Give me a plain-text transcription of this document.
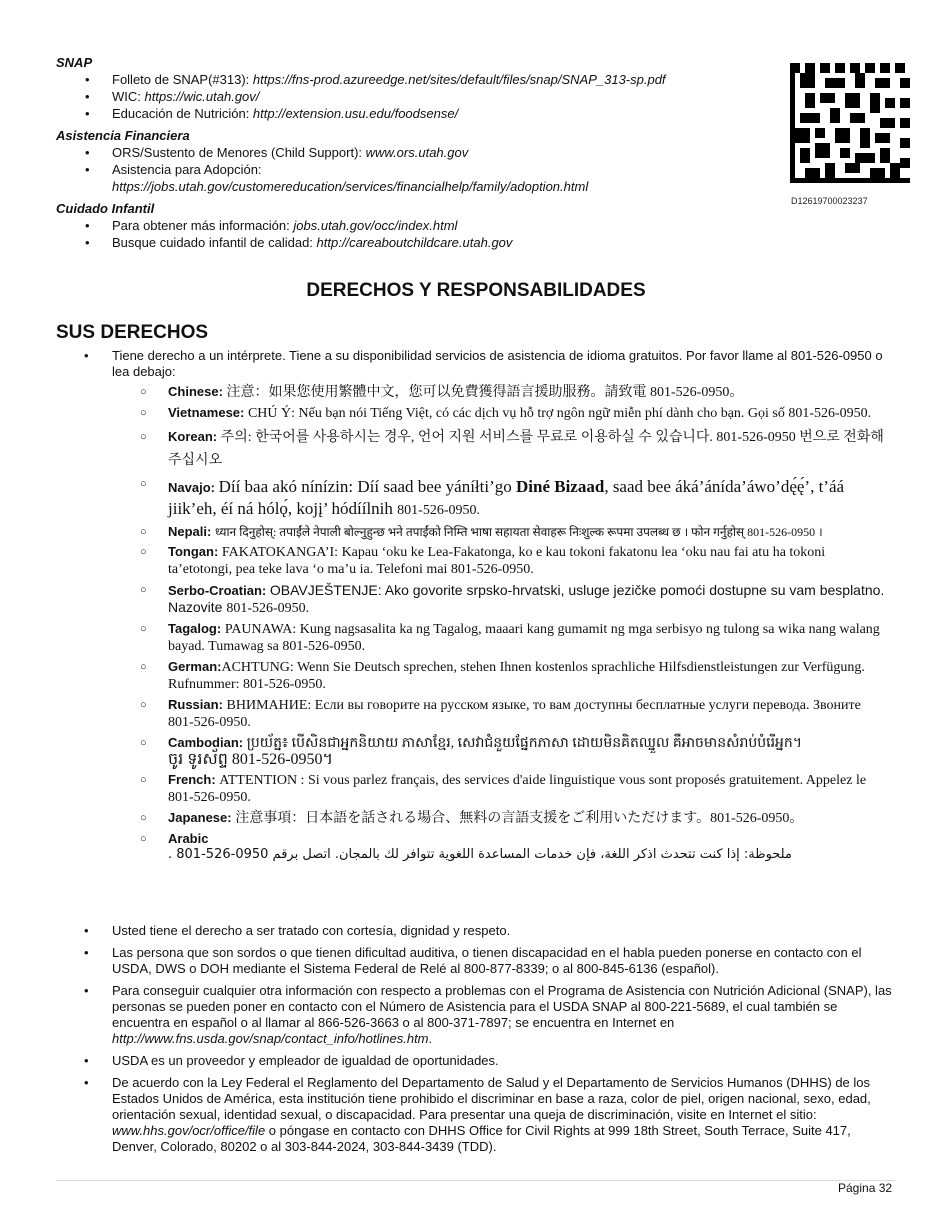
SNAP

• Folleto de SNAP(#313): https://fns-prod.azureedge.net/sites/default/files/snap/SNAP_313-sp.pdf
• WIC: https://wic.utah.gov/
• Educación de Nutrición: http://extension.usu.edu/foodsense/

Asistencia Financiera

• ORS/Sustento de Menores (Child Support): www.ors.utah.gov
• Asistencia para Adopción:
https://jobs.utah.gov/customereducation/services/financialhelp/family/adoption.html

Cuidado Infantil

• Para obtener más información: jobs.utah.gov/occ/index.html
• Busque cuidado infantil de calidad: http://careaboutchildcare.utah.gov
D12619700023237
DERECHOS Y RESPONSABILIDADES
SUS DERECHOS
• Tiene derecho a un intérprete. Tiene a su disponibilidad servicios de asistencia de idioma gratuitos. Por favor llame al 801-526-0950 o lea debajo:
○ Chinese: 注意：如果您使用繁體中文，您可以免費獲得語言援助服務。請致電 801-526-0950。
○ Vietnamese: CHÚ Ý: Nếu bạn nói Tiếng Việt, có các dịch vụ hỗ trợ ngôn ngữ miễn phí dành cho bạn. Gọi số 801-526-0950.
○ Korean: 주의: 한국어를 사용하시는 경우, 언어 지원 서비스를 무료로 이용하실 수 있습니다. 801-526-0950 번으로 전화해 주십시오
○ Navajo: Díí baa akó nínízin: Díí saad bee yáníłti’go Diné Bizaad, saad bee áká’ánída’áwo’dę́ę́’, t’áá jiik’eh, éí ná hólǫ́, kojį’ hódíílnih 801-526-0950.
○ Nepali: ध्यान दिनुहोस्: तपाईंले नेपाली बोल्नुहुन्छ भने तपाईंको निम्ति भाषा सहायता सेवाहरू निःशुल्क रूपमा उपलब्ध छ । फोन गर्नुहोस् 801-526-0950 ।
○ Tongan: FAKATOKANGA’I: Kapau ‘oku ke Lea-Fakatonga, ko e kau tokoni fakatonu lea ‘oku nau fai atu ha tokoni ta’etotongi, pea teke lava ‘o ma’u ia. Telefoni mai 801-526-0950.
○ Serbo-Croatian: OBAVJEŠTENJE: Ako govorite srpsko-hrvatski, usluge jezičke pomoći dostupne su vam besplatno. Nazovite 801-526-0950.
○ Tagalog: PAUNAWA: Kung nagsasalita ka ng Tagalog, maaari kang gumamit ng mga serbisyo ng tulong sa wika nang walang bayad. Tumawag sa 801-526-0950.
○ German:ACHTUNG: Wenn Sie Deutsch sprechen, stehen Ihnen kostenlos sprachliche Hilfsdienstleistungen zur Verfügung. Rufnummer: 801-526-0950.
○ Russian: ВНИМАНИЕ: Если вы говорите на русском языке, то вам доступны бесплатные услуги перевода. Звоните 801-526-0950.
○ Cambodian: ប្រយ័ត្ន៖ បើសិនជាអ្នកនិយាយ ភាសាខ្មែរ, សេវាជំនួយផ្នែកភាសា ដោយមិនគិតឈ្នួល គឺអាចមានសំរាប់បំរើអ្នក។
ចូរ ទូរស័ព្ទ 801-526-0950។
○ French: ATTENTION : Si vous parlez français, des services d'aide linguistique vous sont proposés gratuitement. Appelez le 801-526-0950.
○ Japanese: 注意事項：日本語を話される場合、無料の言語支援をご利用いただけます。801-526-0950。
○ Arabic
ملحوظة: إذا كنت تتحدث اذكر اللغة، فإن خدمات المساعدة اللغوية تتوافر لك بالمجان. اتصل برقم 0950-526-801 .
• Usted tiene el derecho a ser tratado con cortesía, dignidad y respeto.
• Las persona que son sordos o que tienen dificultad auditiva, o tienen discapacidad en el habla pueden ponerse en contacto con el USDA, DWS o DOH mediante el Sistema Federal de Relé al 800-877-8339; o al 800-845-6136 (español).
• Para conseguir cualquier otra información con respecto a problemas con el Programa de Asistencia con Nutrición Adicional (SNAP), las personas se pueden poner en contacto con el Número de Asistencia para el USDA SNAP al 800-221-5689, el cual también se encuentra en español o al llamar al 866-526-3663 o al 800-371-7897; se encuentra en Internet en http://www.fns.usda.gov/snap/contact_info/hotlines.htm.
• USDA es un proveedor y empleador de igualdad de oportunidades.
• De acuerdo con la Ley Federal el Reglamento del Departamento de Salud y el Departamento de Servicios Humanos (DHHS) de los Estados Unidos de América, esta institución tiene prohibido el discriminar en base a raza, color de piel, origen nacional, sexo, edad, orientación sexual, identidad sexual, o discapacidad. Para presentar una queja de discriminación, visite en Internet el sitio: www.hhs.gov/ocr/office/file o póngase en contacto con DHHS Office for Civil Rights at 999 18th Street, South Terrace, Suite 417, Denver, Colorado, 80202 o al 303-844-2024, 303-844-3439 (TDD).
Página 32
